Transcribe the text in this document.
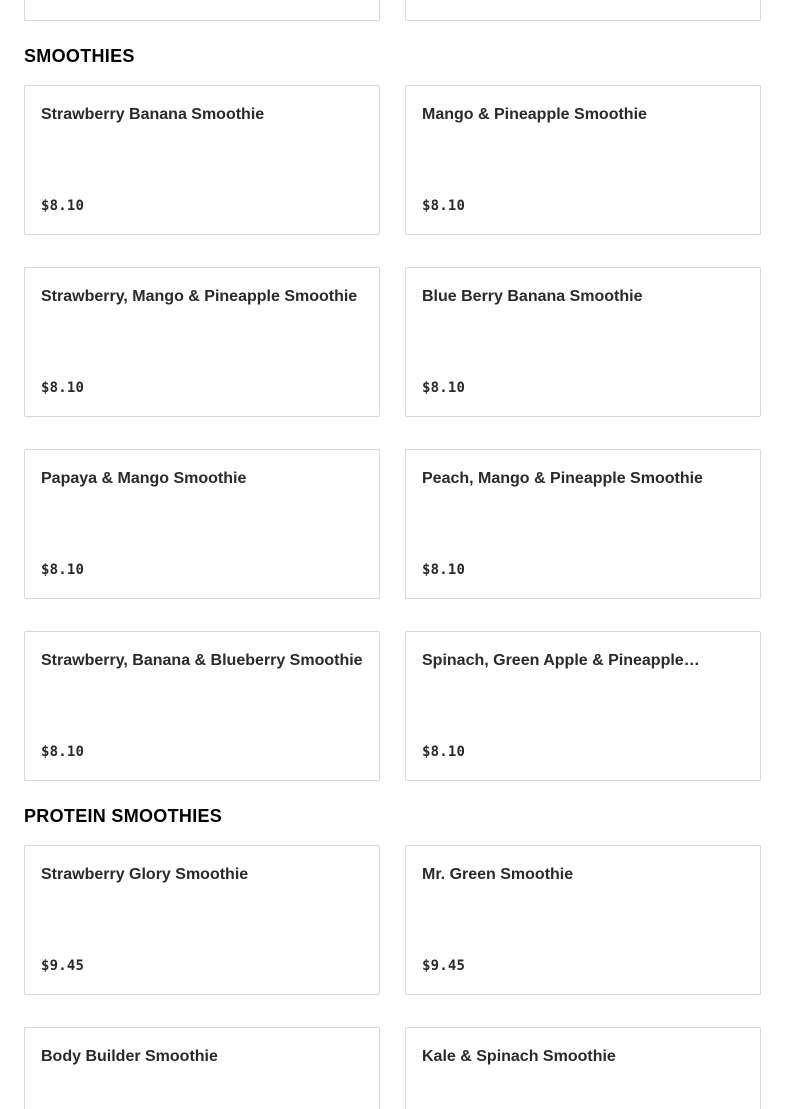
SMOOTHIES
Strawberry Banana Smoothie
$8.10
Mango & Pineapple Smoothie
$8.10
Strawberry, Mango & Pineapple Smoothie
$8.10
Blue Berry Banana Smoothie
$8.10
Papaya & Mango Smoothie
$8.10
Peach, Mango & Pineapple Smoothie
$8.10
Strawberry, Banana & Blueberry Smoothie
$8.10
Spinach, Green Apple & Pineapple…
$8.10
PROTEIN SMOOTHIES
Strawberry Glory Smoothie
$9.45
Mr. Green Smoothie
$9.45
Body Builder Smoothie	Kale & Spinach Smoothie
